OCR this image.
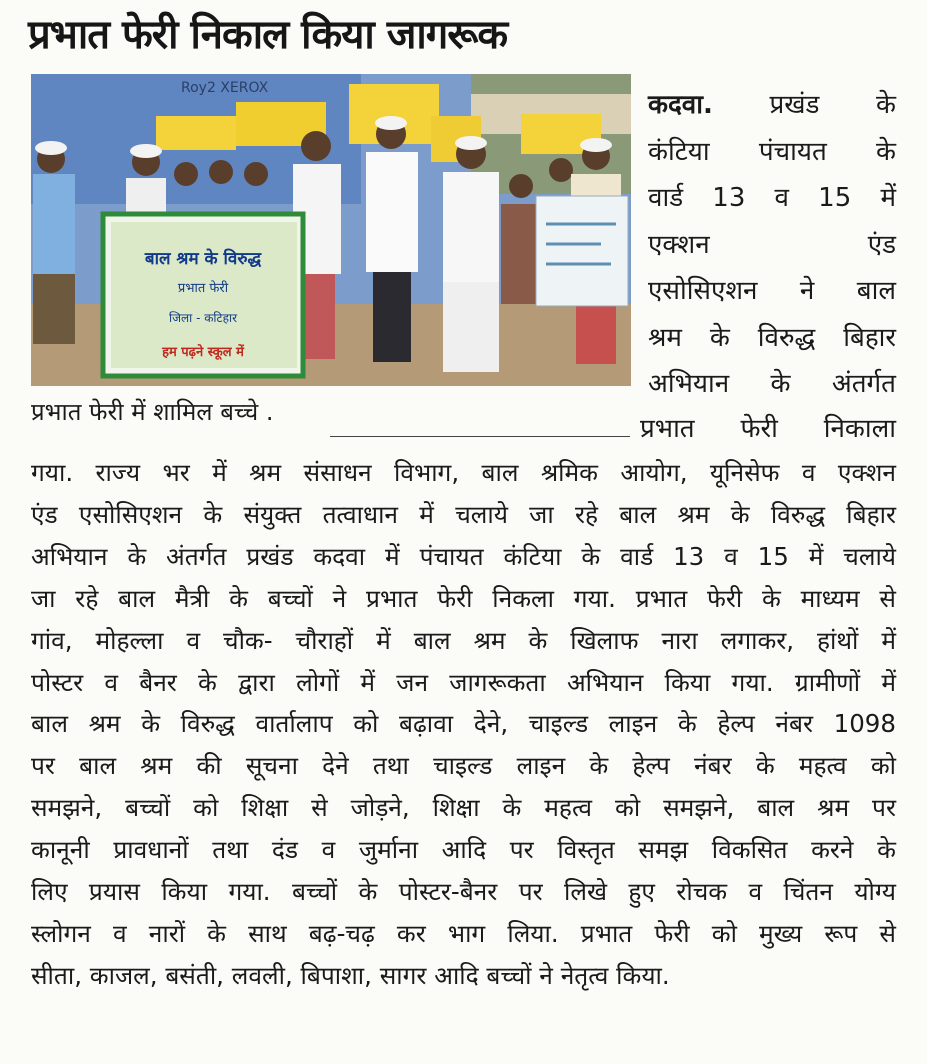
प्रभात फेरी निकाल किया जागरूक
Roy2 XEROX
बाल श्रम के विरुद्ध
प्रभात फेरी
जिला - कटिहार
हम पढ़ने स्कूल में
प्रभात फेरी में शामिल बच्चे .
कदवा. प्रखंड के
कंटिया पंचायत के
वार्ड 13 व 15 में
एक्शन एंड
एसोसिएशन ने बाल
श्रम के विरुद्ध बिहार
अभियान के अंतर्गत
प्रभात फेरी निकाला
गया. राज्य भर में श्रम संसाधन विभाग, बाल श्रमिक आयोग, यूनिसेफ व एक्शन
एंड एसोसिएशन के संयुक्त तत्वाधान में चलाये जा रहे बाल श्रम के विरुद्ध बिहार
अभियान के अंतर्गत प्रखंड कदवा में पंचायत कंटिया के वार्ड 13 व 15 में चलाये
जा रहे बाल मैत्री के बच्चों ने प्रभात फेरी निकला गया. प्रभात फेरी के माध्यम से
गांव, मोहल्ला व चौक- चौराहों में बाल श्रम के खिलाफ नारा लगाकर, हांथों में
पोस्टर व बैनर के द्वारा लोगों में जन जागरूकता अभियान किया गया. ग्रामीणों में
बाल श्रम के विरुद्ध वार्तालाप को बढ़ावा देने, चाइल्ड लाइन के हेल्प नंबर 1098
पर बाल श्रम की सूचना देने तथा चाइल्ड लाइन के हेल्प नंबर के महत्व को
समझने, बच्चों को शिक्षा से जोड़ने, शिक्षा के महत्व को समझने, बाल श्रम पर
कानूनी प्रावधानों तथा दंड व जुर्माना आदि पर विस्तृत समझ विकसित करने के
लिए प्रयास किया गया. बच्चों के पोस्टर-बैनर पर लिखे हुए रोचक व चिंतन योग्य
स्लोगन व नारों के साथ बढ़-चढ़ कर भाग लिया. प्रभात फेरी को मुख्य रूप से
सीता, काजल, बसंती, लवली, बिपाशा, सागर आदि बच्चों ने नेतृत्व किया.
